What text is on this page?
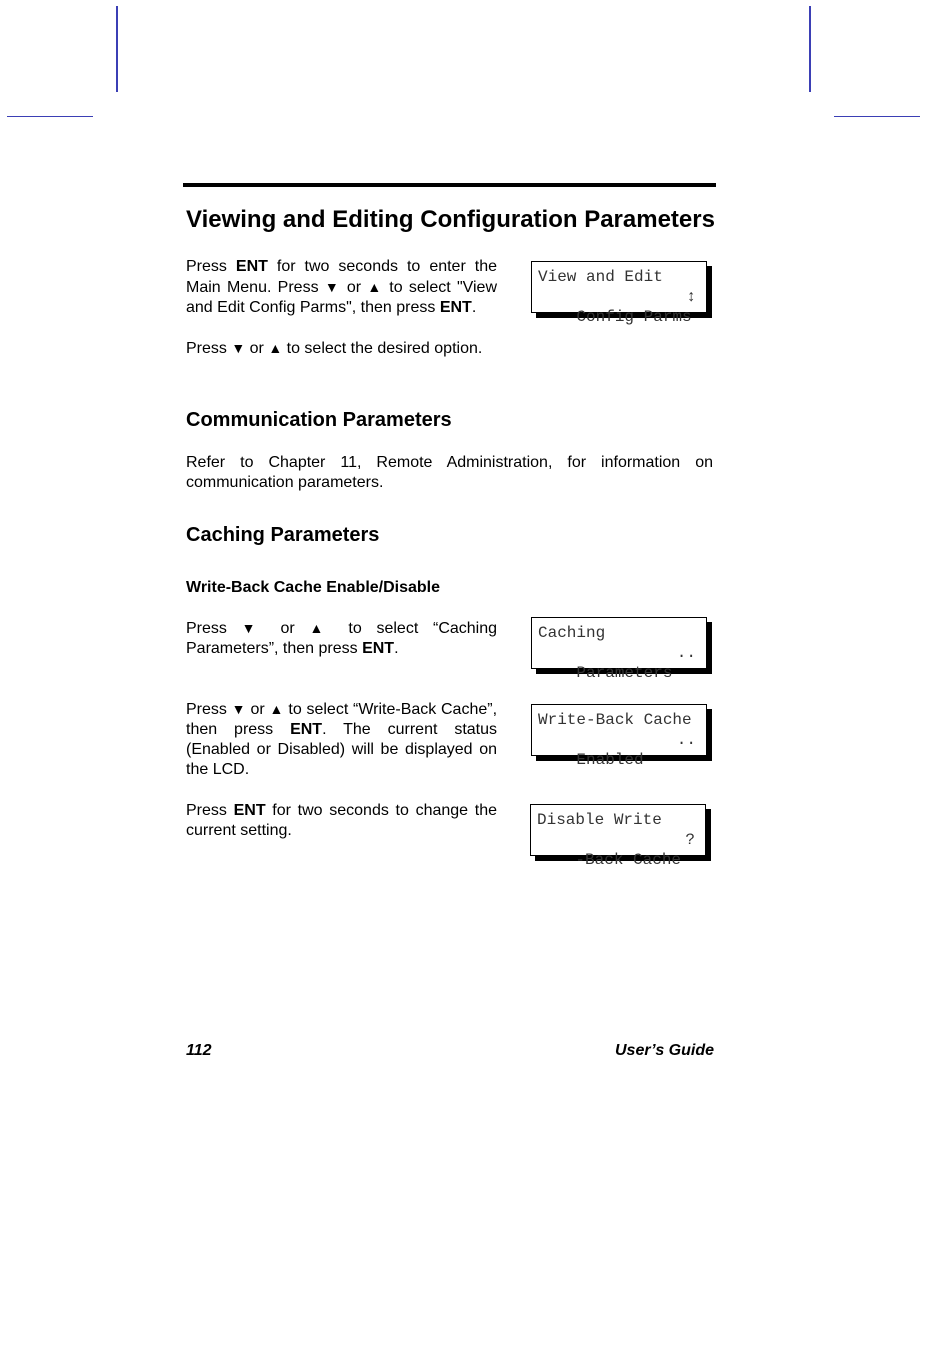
Viewing and Editing Configuration Parameters
Press ENT for two seconds to enter the Main Menu. Press ▼ or ▲ to select "View and Edit Config Parms", then press ENT.
Press ▼ or ▲ to select the desired option.
View and Edit

Config Parms

↕

Communication Parameters
Refer to Chapter 11, Remote Administration, for information on communication parameters.
Caching Parameters
Write-Back Cache Enable/Disable
Press ▼ or ▲ to select “Caching Parameters”, then press ENT.
Caching

Parameters

..

Press ▼ or ▲ to select “Write-Back Cache”, then press ENT. The current status (Enabled or Disabled) will be displayed on the LCD.
Write-Back Cache

Enabled

..

Press ENT for two seconds to change the current setting.
Disable Write

-Back Cache

?

112	User’s Guide
